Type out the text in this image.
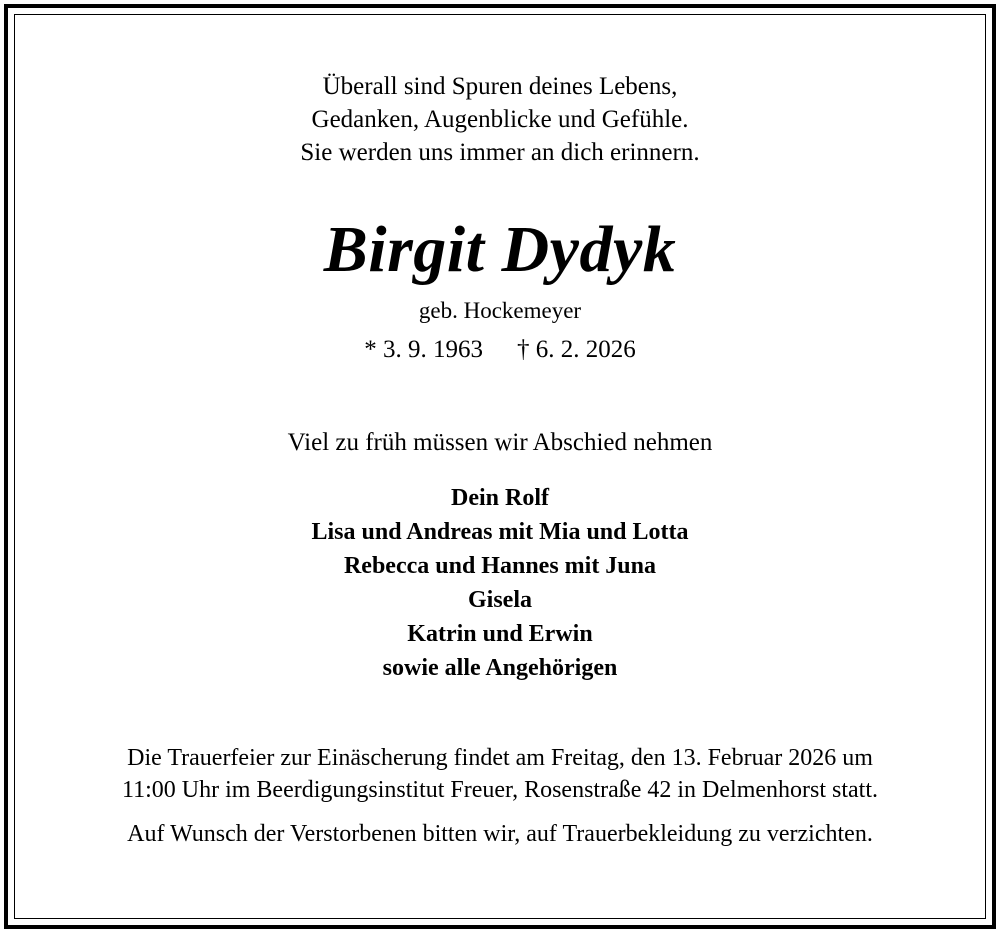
Überall sind Spuren deines Lebens,
Gedanken, Augenblicke und Gefühle.
Sie werden uns immer an dich erinnern.
Birgit Dydyk
geb. Hockemeyer
* 3. 9. 1963 † 6. 2. 2026
Viel zu früh müssen wir Abschied nehmen
Dein Rolf
Lisa und Andreas mit Mia und Lotta
Rebecca und Hannes mit Juna
Gisela
Katrin und Erwin
sowie alle Angehörigen
Die Trauerfeier zur Einäscherung findet am Freitag, den 13. Februar 2026 um
11:00 Uhr im Beerdigungsinstitut Freuer, Rosenstraße 42 in Delmenhorst statt.
Auf Wunsch der Verstorbenen bitten wir, auf Trauerbekleidung zu verzichten.
